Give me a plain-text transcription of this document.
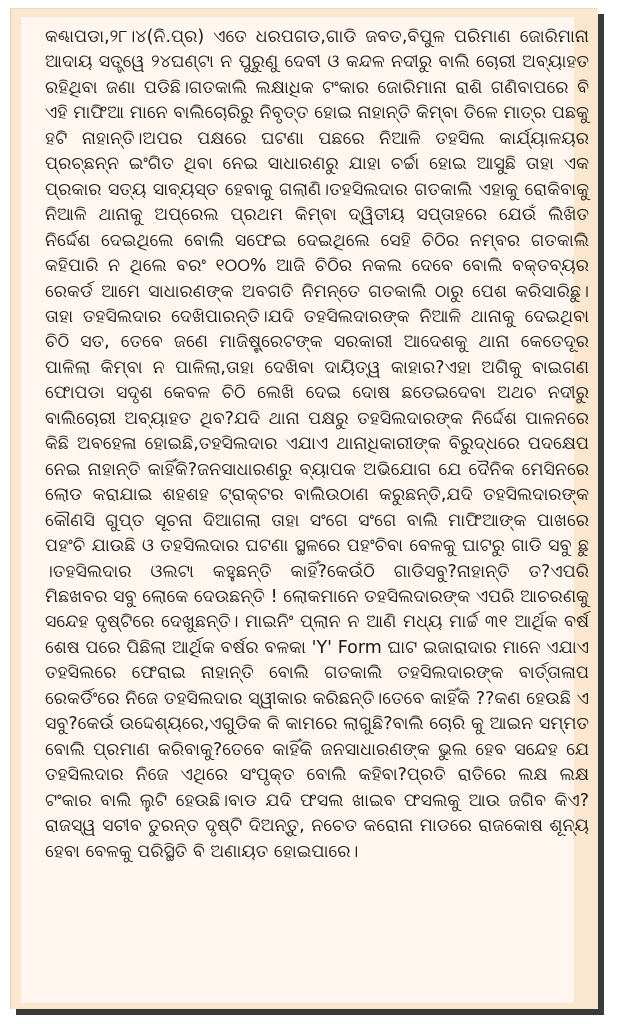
କଣ୍ଢାପଡା,୨୮।୪(ନି.ପ୍ର) ଏତେ ଧରପଗଡ,ଗାଡି ଜବତ,ବିପୁଳ ପରିମାଣ ଜୋରିମାନା ଆଦାୟ ସତ୍ତ୍ୱେ ୨୪ଘଣ୍ଟା ନ ପୁରୁଣୁ ଦେବୀ ଓ କନ୍ଦଳ ନଦୀରୁ ବାଲି ଚୋରୀ ଅବ୍ୟାହତ ରହିଥିବା ଜଣା ପଡିଛି।ଗତକାଲି ଲକ୍ଷାଧିକ ଟଂକାର ଜୋରିମାନା ରାଶି ଗଣିବାପରେ ବି ଏହି ମାଫିଆ ମାନେ ବାଲିଚୋରିରୁ ନିବୃତ୍ତ ହୋଇ ନାହାନ୍ତି କିମ୍ବା ତିଳେ ମାତ୍ର ପଛକୁ ହଟି ନାହାନ୍ତି।ଅପର ପକ୍ଷରେ ଘଟଣା ପଛରେ ନିଆଳି ତହସିଲ କାର୍ଯ୍ୟାଳୟର ପ୍ରଚ୍ଛନ୍ନ ଇଂଗିତ ଥିବା ନେଇ ସାଧାରଣରୁ ଯାହା ଚର୍ଚ୍ଚା ହୋଇ ଆସୁଛି ତାହା ଏକ ପ୍ରକାର ସତ୍ୟ ସାବ୍ୟସ୍ତ ହେବାକୁ ଗଲାଣି।ତହସିଲଦାର ଗତକାଲି ଏହାକୁ ରୋକିବାକୁ ନିଆଳି ଥାନାକୁ ଅପ୍ରେଲ ପ୍ରଥମ କିମ୍ବା ଦ୍ୱିତୀୟ ସପ୍ତାହରେ ଯେଉଁ ଲିଖିତ ନିର୍ଦ୍ଦେଶ ଦେଇଥିଲେ ବୋଲି ସଫେଇ ଦେଇଥିଲେ ସେହି ଚିଠିର ନମ୍ବର ଗତକାଲି କହିପାରି ନ ଥିଲେ ବରଂ ୧୦୦% ଆଜି ଚିଠିର ନକଲ ଦେବେ ବୋଲି ବକ୍ତବ୍ୟର ରେକର୍ଡ ଆମେ ସାଧାରଣଙ୍କ ଅବଗତି ନିମନ୍ତେ ଗତକାଲି ଠାରୁ ପେଶ କରିସାରିଛୁ।ତାହା ତହସିଲଦାର ଦେଖିପାରନ୍ତି।ଯଦି ତହସିଲଦାରଙ୍କ ନିଆଳି ଥାନାକୁ ଦେଇଥିବା ଚିଠି ସତ, ତେବେ ଜଣେ ମାଜିଷ୍ଟ୍ରେଟଙ୍କ ସରକାରୀ ଆଦେଶକୁ ଥାନା କେତେଦୂର ପାଳିଲା କିମ୍ବା ନ ପାଳିଲା,ତାହା ଦେଖିବା ଦାୟିତ୍ୱ କାହାର?ଏହା ଅଗିକୁ ବାଇଗଣ ଫୋପଡା ସଦୃଶ କେବଳ ଚିଠି ଲେଖି ଦେଇ ଦୋଷ ଛଡେଇଦେବା ଅଥଚ ନଦୀରୁ ବାଲିଚୋରୀ ଅବ୍ୟାହତ ଥିବ?ଯଦି ଥାନା ପକ୍ଷରୁ ତହସିଲଦାରଙ୍କ ନିର୍ଦ୍ଦେଶ ପାଳନରେ କିଛି ଅବହେଳା ହୋଇଛି,ତହସିଲଦାର ଏଯାଏ ଥାନାଧିକାରୀଙ୍କ ବିରୁଦ୍ଧରେ ପଦକ୍ଷେପ ନେଇ ନାହାନ୍ତି କାହିଁକି?ଜନସାଧାରଣରୁ ବ୍ୟାପକ ଅଭିଯୋଗ ଯେ ଦୈନିକ ମେସିନରେ ଲୋଡ କରାଯାଇ ଶହଶହ ଟ୍ରାକ୍ଟର ବାଲିଉଠାଣ କରୁଛନ୍ତି,ଯଦି ତହସିଲଦାରଙ୍କ କୌଣସି ଗୁପ୍ତ ସୂଚନା ଦିଆଗଲା ତାହା ସଂଗେ ସଂଗେ ବାଲି ମାଫିଆଙ୍କ ପାଖରେ ପହଂଚି ଯାଉଛି ଓ ତହସିଲଦାର ଘଟଣା ସ୍ଥଳରେ ପହଂଚିବା ବେଳକୁ ଘାଟରୁ ଗାଡି ସବୁ ଛୁ ।ତହସିଲଦାର ଓଲଟା କହୁଛନ୍ତି କାହିଁ?କେଉଁଠି ଗାଡିସବୁ?ନାହାନ୍ତି ତ?ଏପରି ମିଛଖବର ସବୁ ଲୋକେ ଦେଉଛନ୍ତି ! ଲୋକମାନେ ତହସିଲଦାରଙ୍କ ଏପରି ଆଚରଣକୁ ସନ୍ଦେହ ଦୃଷ୍ଟିରେ ଦେଖୁଛନ୍ତି। ମାଇନିଂ ପ୍ଲାନ ନ ଆଣି ମଧ୍ୟ ମାର୍ଚ୍ଚ ୩୧ ଆର୍ଥିକ ବର୍ଷ ଶେଷ ପରେ ପିଛିଲା ଆର୍ଥିକ ବର୍ଷର ବଳକା 'Y' Form ଘାଟ ଇଜାରାଦାର ମାନେ ଏଯାଏ ତହସିଲରେ ଫେରାଇ ନାହାନ୍ତି ବୋଲି ଗତକାଲି ତହସିଲଦାରଙ୍କ ବାର୍ତ୍ତାଳାପ ରେକର୍ଡିଂରେ ନିଜେ ତହସିଲଦାର ସ୍ୱୀକାର କରିଛନ୍ତି।ତେବେ କାହିଁକି ??କଣ ହେଉଛି ଏ ସବୁ?କେଉଁ ଉଦ୍ଦେଶ୍ୟରେ,ଏଗୁଡିକ କି କାମରେ ଲାଗୁଛି?ବାଲି ଚୋରି କୁ ଆଇନ ସମ୍ମତ ବୋଲି ପ୍ରମାଣ କରିବାକୁ?ତେବେ କାହିଁକି ଜନସାଧାରଣଙ୍କ ଭୁଲ ହେବ ସନ୍ଦେହ ଯେ ତହସିଲଦାର ନିଜେ ଏଥିରେ ସଂପୃକ୍ତ ବୋଲି କହିବା?ପ୍ରତି ରାତିରେ ଲକ୍ଷ ଲକ୍ଷ ଟଂକାର ବାଲି ଲୁଟି ହେଉଛି।ବାଡ ଯଦି ଫସଲ ଖାଇବ ଫସଲକୁ ଆଉ ଜଗିବ କିଏ?ରାଜସ୍ୱ ସଚୀବ ତୁରନ୍ତ ଦୃଷ୍ଟି ଦିଅନ୍ତୁ, ନଚେତ କରୋନା ମାଡରେ ରାଜକୋଷ ଶୂନ୍ୟ ହେବା ବେଳକୁ ପରିସ୍ଥିତି ବି ଅଣାୟତ ହୋଇପାରେ।
